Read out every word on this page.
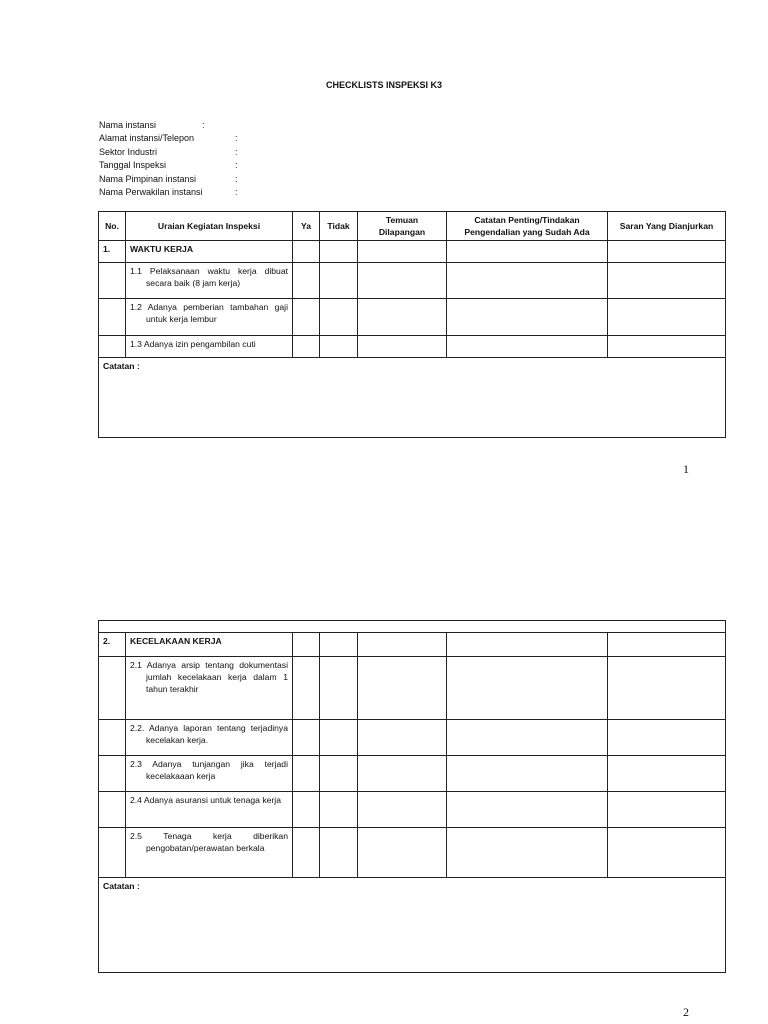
CHECKLISTS INSPEKSI K3
Nama instansi	:
Alamat instansi/Telepon	:
Sektor Industri	:
Tanggal Inspeksi	:
Nama Pimpinan instansi	:
Nama Perwakilan instansi	:
No.	Uraian Kegiatan Inspeksi	Ya	Tidak	Temuan Dilapangan	Catatan Penting/Tindakan Pengendalian yang Sudah Ada	Saran Yang Dianjurkan
1.	WAKTU KERJA					

	1.1 Pelaksanaan waktu kerja dibuat secara baik (8 jam kerja)					

	1.2 Adanya pemberian tambahan gaji untuk kerja lembur					

	1.3 Adanya izin pengambilan cuti					

Catatan :						
1

2.	KECELAKAAN KERJA					

	2.1 Adanya arsip tentang dokumentasi jumlah kecelakaan kerja dalam 1 tahun terakhir					

	2.2. Adanya laporan tentang terjadinya kecelakan kerja.					

	2.3 Adanya tunjangan jika terjadi kecelakaaan kerja					

	2.4 Adanya asuransi untuk tenaga kerja					

	2.5 Tenaga kerja diberikan pengobatan/perawatan berkala					

Catatan :						
2
